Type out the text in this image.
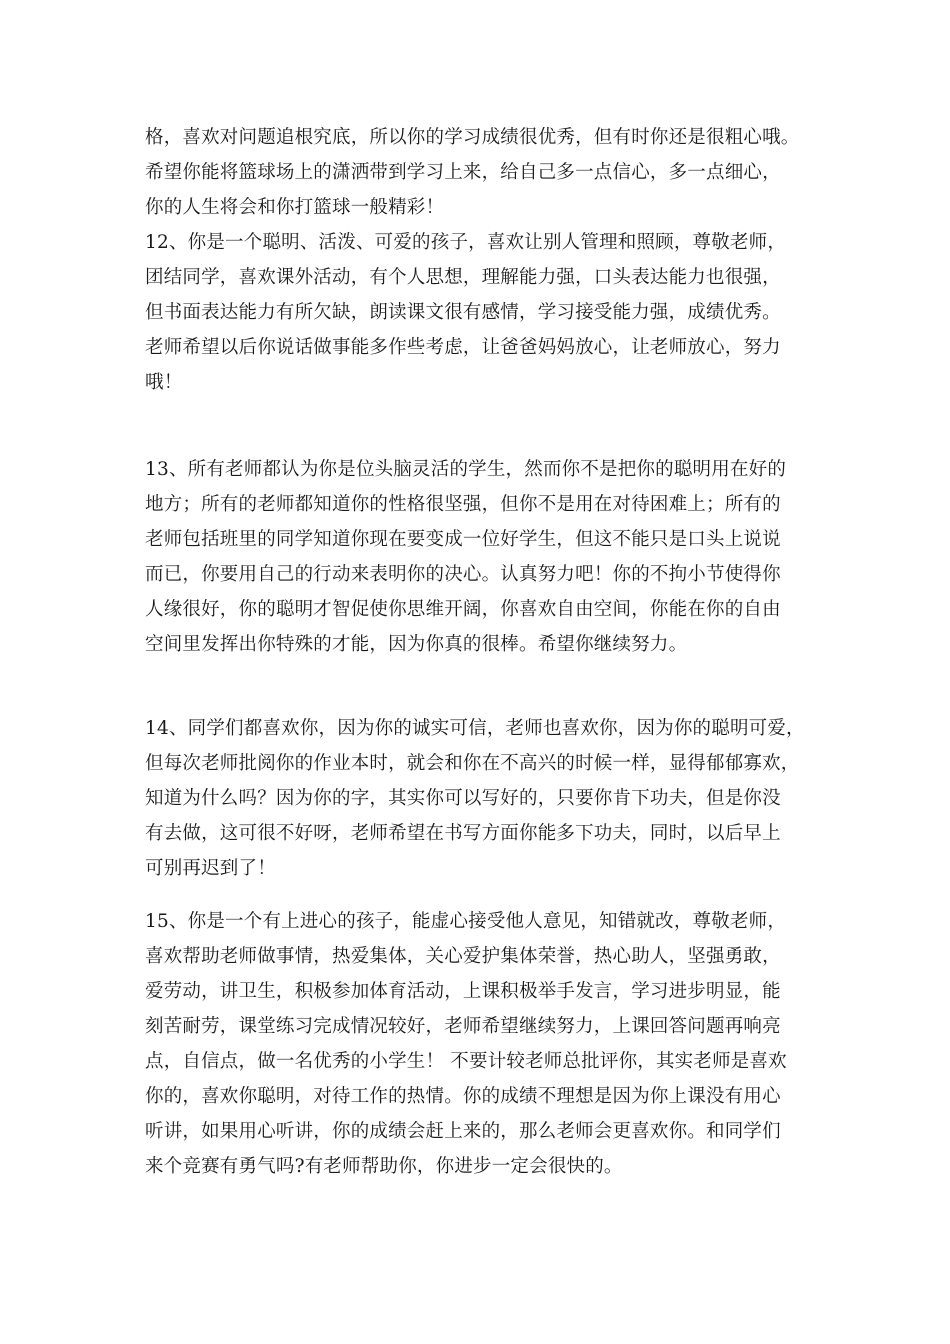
格，喜欢对问题追根究底，所以你的学习成绩很优秀，但有时你还是很粗心哦。
希望你能将篮球场上的潇洒带到学习上来，给自己多一点信心，多一点细心，
你的人生将会和你打篮球一般精彩！
12、你是一个聪明、活泼、可爱的孩子，喜欢让别人管理和照顾，尊敬老师，
团结同学，喜欢课外活动，有个人思想，理解能力强，口头表达能力也很强，
但书面表达能力有所欠缺，朗读课文很有感情，学习接受能力强，成绩优秀。
老师希望以后你说话做事能多作些考虑，让爸爸妈妈放心，让老师放心，努力
哦！
13、所有老师都认为你是位头脑灵活的学生，然而你不是把你的聪明用在好的
地方；所有的老师都知道你的性格很坚强，但你不是用在对待困难上；所有的
老师包括班里的同学知道你现在要变成一位好学生，但这不能只是口头上说说
而已，你要用自己的行动来表明你的决心。认真努力吧！你的不拘小节使得你
人缘很好，你的聪明才智促使你思维开阔，你喜欢自由空间，你能在你的自由
空间里发挥出你特殊的才能，因为你真的很棒。希望你继续努力。
14、同学们都喜欢你，因为你的诚实可信，老师也喜欢你，因为你的聪明可爱，
但每次老师批阅你的作业本时，就会和你在不高兴的时候一样，显得郁郁寡欢，
知道为什么吗？因为你的字，其实你可以写好的，只要你肯下功夫，但是你没
有去做，这可很不好呀，老师希望在书写方面你能多下功夫，同时，以后早上
可别再迟到了！
15、你是一个有上进心的孩子，能虚心接受他人意见，知错就改，尊敬老师，
喜欢帮助老师做事情，热爱集体，关心爱护集体荣誉，热心助人，坚强勇敢，
爱劳动，讲卫生，积极参加体育活动，上课积极举手发言，学习进步明显，能
刻苦耐劳，课堂练习完成情况较好，老师希望继续努力，上课回答问题再响亮
点，自信点，做一名优秀的小学生！ 不要计较老师总批评你，其实老师是喜欢
你的，喜欢你聪明，对待工作的热情。你的成绩不理想是因为你上课没有用心
听讲，如果用心听讲，你的成绩会赶上来的，那么老师会更喜欢你。和同学们
来个竞赛有勇气吗?有老师帮助你，你进步一定会很快的。
